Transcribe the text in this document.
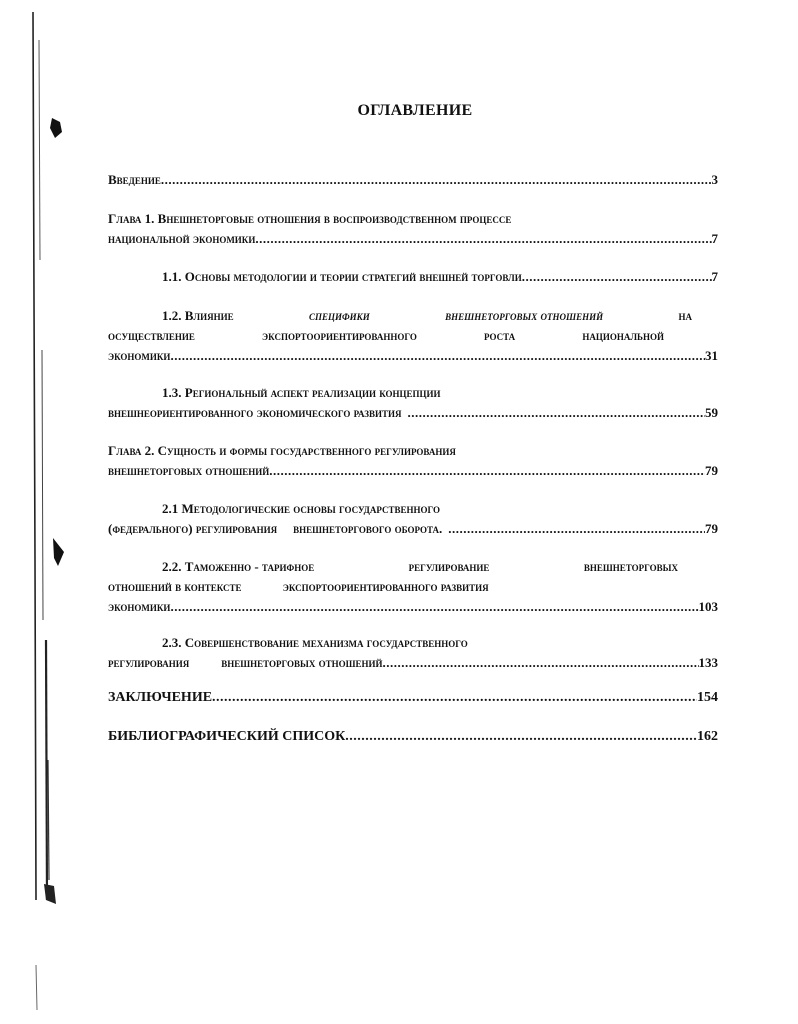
ОГЛАВЛЕНИЕ
Введение .....	3
Глава 1. Внешнеторговые отношения в воспроизводственном процессе
национальной экономики .....	7
1.1. Основы методологии и теории стратегий внешней торговли .....	7
1.2. Влияние	специфики	внешнеторговых отношений	на
осуществление	экспортоориентированного	роста	национальной
экономики .....	31
1.3. Региональный аспект реализации концепции
внешнеориентированного экономического развития .....	59
Глава 2. Сущность и формы государственного регулирования
внешнеторговых отношений .....	79
2.1 Методологические основы государственного
(федерального) регулирования внешнеторгового оборота. .....	79
2.2. Таможенно - тарифное	регулирование	внешнеторговых
отношений в контексте	экспортоориентированного развития
экономики .....	103
2.3. Совершенствование механизма государственного
регулирования внешнеторговых отношений .....	133
ЗАКЛЮЧЕНИЕ .....	154
БИБЛИОГРАФИЧЕСКИЙ СПИСОК .....	162
